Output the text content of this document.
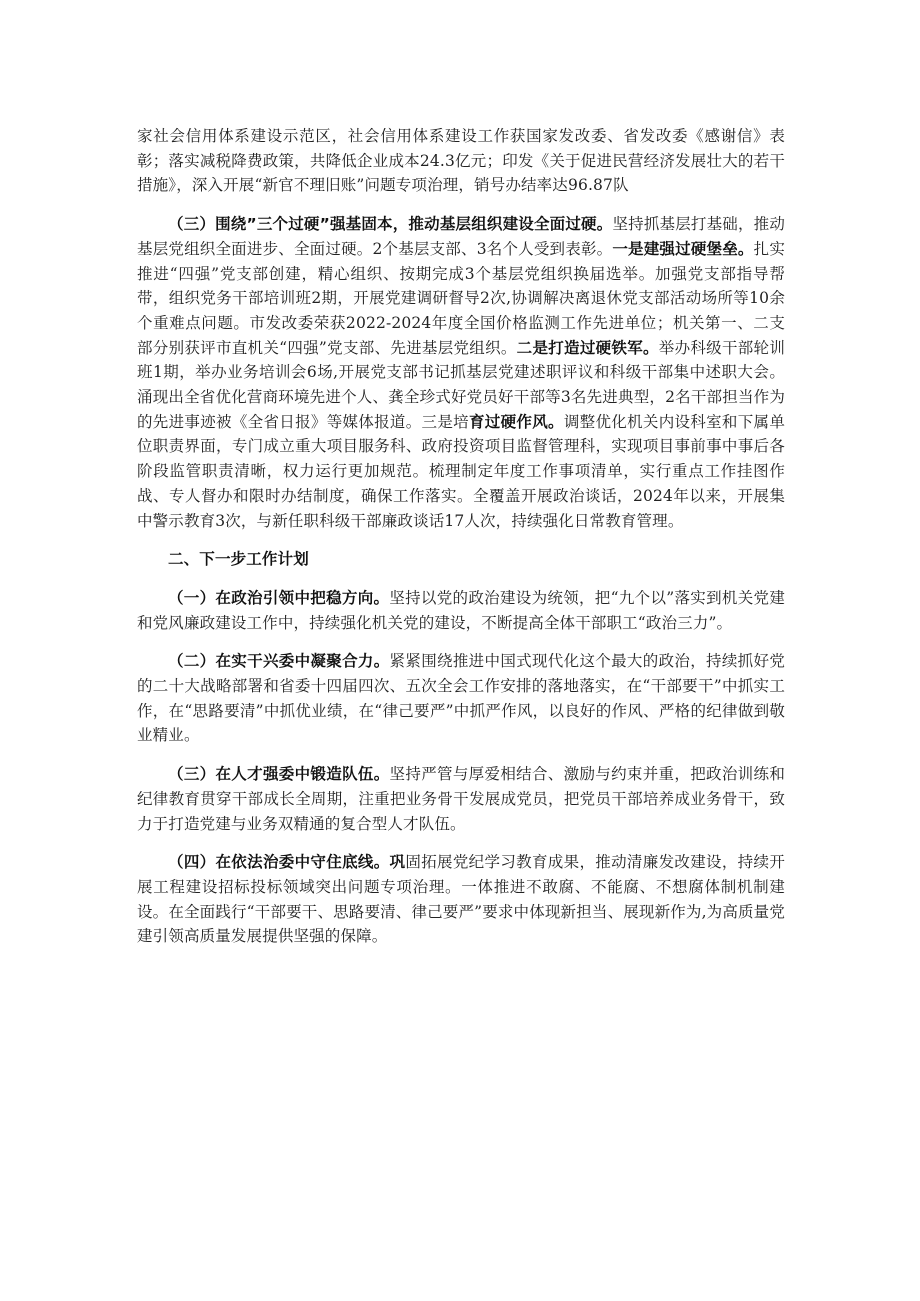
家社会信用体系建设示范区，社会信用体系建设工作获国家发改委、省发改委《感谢信》表彰；落实减税降费政策，共降低企业成本24.3亿元；印发《关于促进民营经济发展壮大的若干措施》，深入开展“新官不理旧账”问题专项治理，销号办结率达96.87队

（三）围绕”三个过硬”强基固本，推动基层组织建设全面过硬。坚持抓基层打基础，推动基层党组织全面进步、全面过硬。2个基层支部、3名个人受到表彰。一是建强过硬堡垒。扎实推进“四强”党支部创建，精心组织、按期完成3个基层党组织换届选举。加强党支部指导帮带，组织党务干部培训班2期，开展党建调研督导2次,协调解决离退休党支部活动场所等10余个重难点问题。市发改委荣获2022-2024年度全国价格监测工作先进单位；机关第一、二支部分别获评市直机关“四强”党支部、先进基层党组织。二是打造过硬铁军。举办科级干部轮训班1期，举办业务培训会6场,开展党支部书记抓基层党建述职评议和科级干部集中述职大会。涌现出全省优化营商环境先进个人、龚全珍式好党员好干部等3名先进典型，2名干部担当作为的先进事迹被《全省日报》等媒体报道。三是培育过硬作风。调整优化机关内设科室和下属单位职责界面，专门成立重大项目服务科、政府投资项目监督管理科，实现项目事前事中事后各阶段监管职责清晰，权力运行更加规范。梳理制定年度工作事项清单，实行重点工作挂图作战、专人督办和限时办结制度，确保工作落实。全覆盖开展政治谈话，2024年以来，开展集中警示教育3次，与新任职科级干部廉政谈话17人次，持续强化日常教育管理。

二、下一步工作计划

（一）在政治引领中把稳方向。坚持以党的政治建设为统领，把“九个以”落实到机关党建和党风廉政建设工作中，持续强化机关党的建设，不断提高全体干部职工“政治三力”。

（二）在实干兴委中凝聚合力。紧紧围绕推进中国式现代化这个最大的政治，持续抓好党的二十大战略部署和省委十四届四次、五次全会工作安排的落地落实，在“干部要干”中抓实工作，在“思路要清”中抓优业绩，在“律己要严”中抓严作风，以良好的作风、严格的纪律做到敬业精业。

（三）在人才强委中锻造队伍。坚持严管与厚爱相结合、激励与约束并重，把政治训练和纪律教育贯穿干部成长全周期，注重把业务骨干发展成党员，把党员干部培养成业务骨干，致力于打造党建与业务双精通的复合型人才队伍。

（四）在依法治委中守住底线。巩固拓展党纪学习教育成果，推动清廉发改建设，持续开展工程建设招标投标领域突出问题专项治理。一体推进不敢腐、不能腐、不想腐体制机制建设。在全面践行“干部要干、思路要清、律己要严”要求中体现新担当、展现新作为,为高质量党建引领高质量发展提供坚强的保障。
